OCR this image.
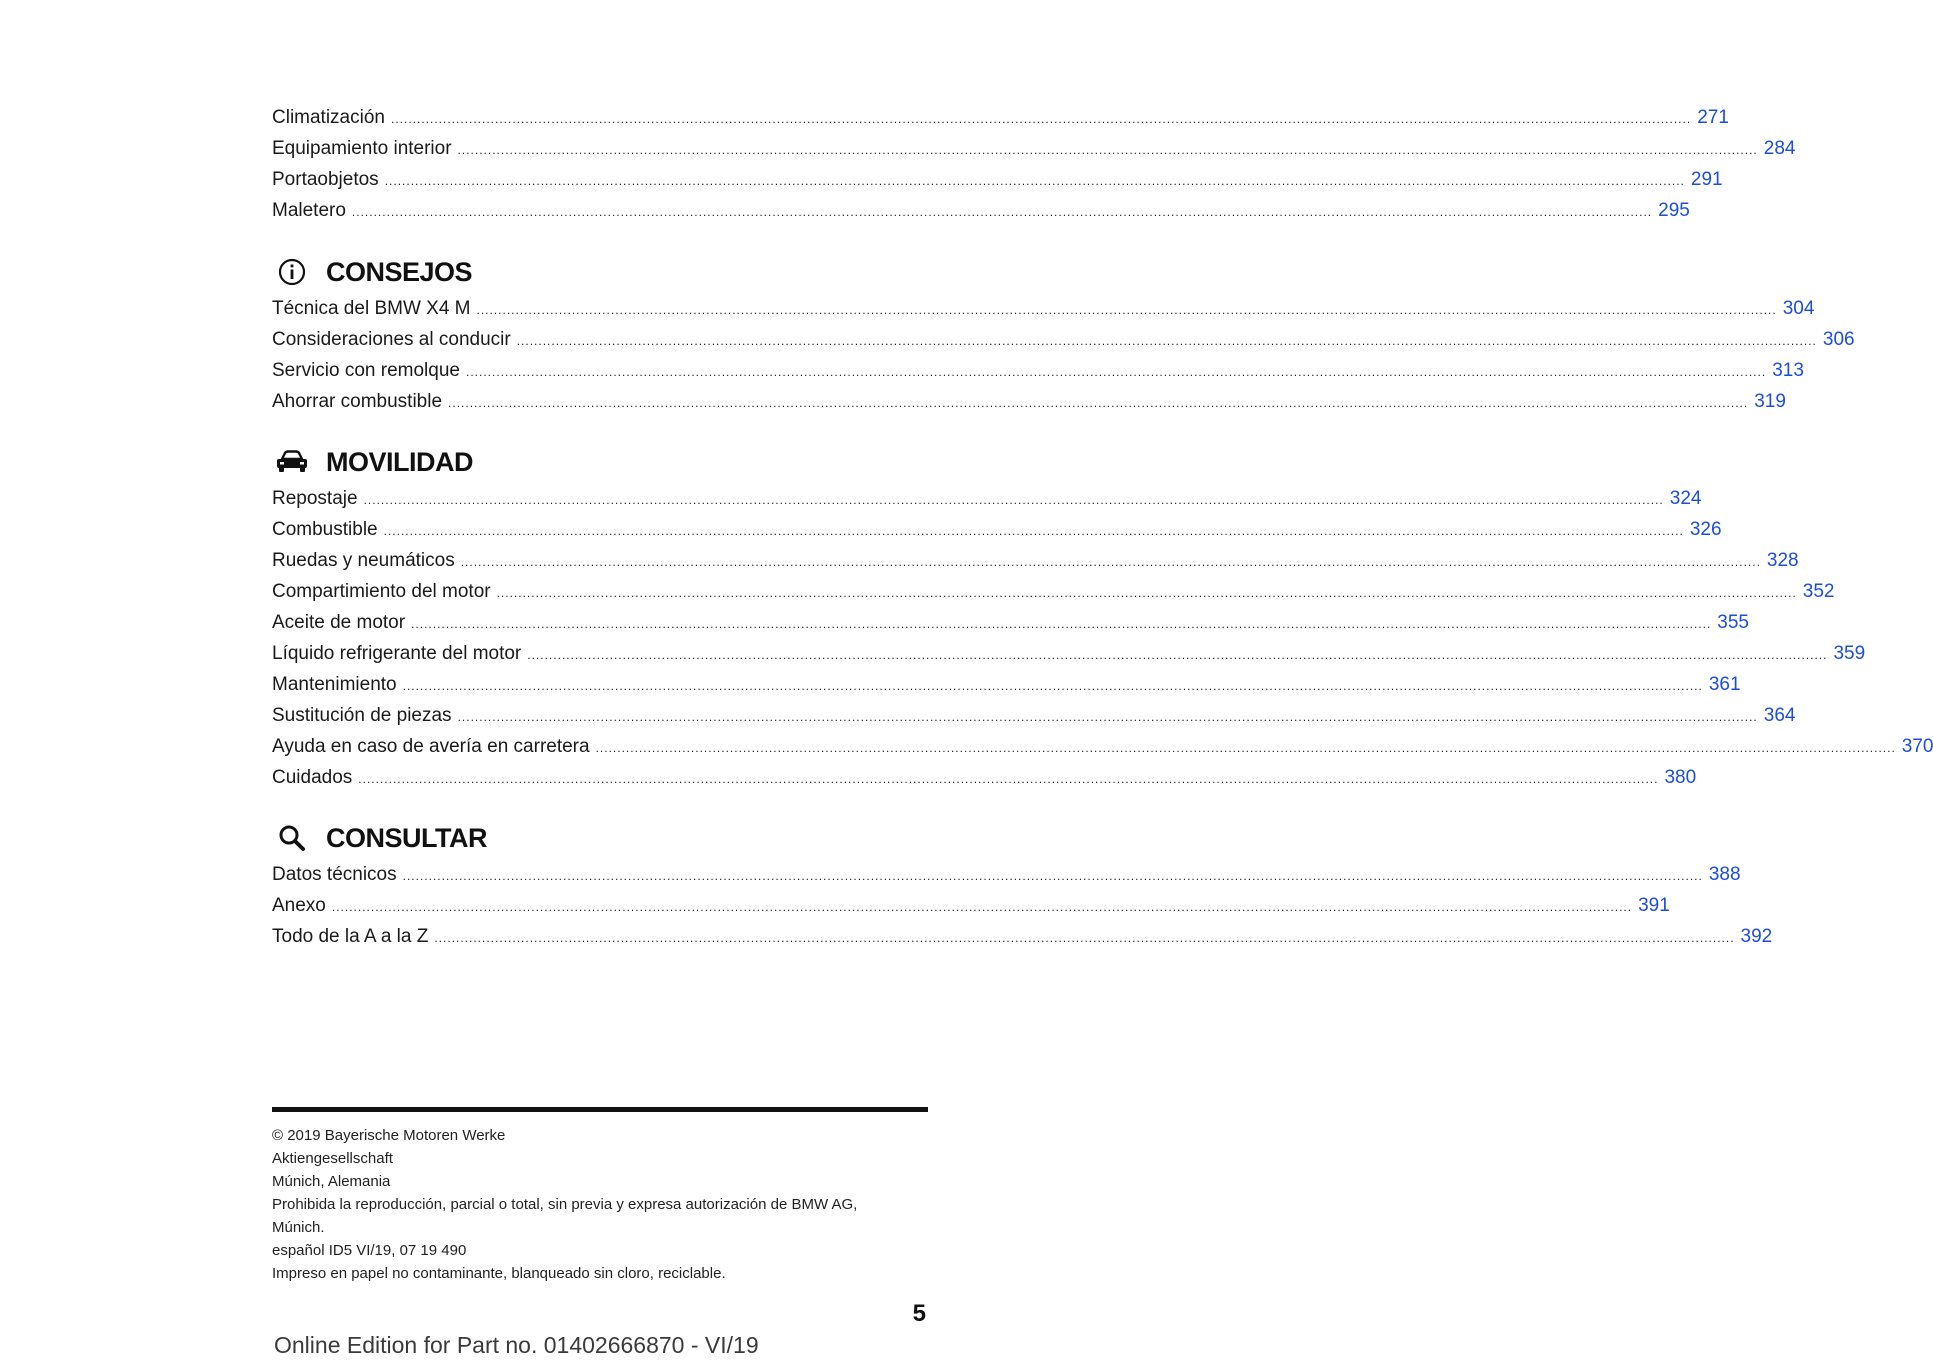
Climatización ............................................................................................................................................................................................................................................................................................................ 271
Equipamiento interior ............................................................................................................................................................................................................................................................................................................ 284
Portaobjetos ............................................................................................................................................................................................................................................................................................................ 291
Maletero ............................................................................................................................................................................................................................................................................................................ 295
CONSEJOS
Técnica del BMW X4 M ............................................................................................................................................................................................................................................................................................................ 304
Consideraciones al conducir ............................................................................................................................................................................................................................................................................................................ 306
Servicio con remolque ............................................................................................................................................................................................................................................................................................................ 313
Ahorrar combustible ............................................................................................................................................................................................................................................................................................................ 319
MOVILIDAD
Repostaje ............................................................................................................................................................................................................................................................................................................ 324
Combustible ............................................................................................................................................................................................................................................................................................................ 326
Ruedas y neumáticos ............................................................................................................................................................................................................................................................................................................ 328
Compartimiento del motor ............................................................................................................................................................................................................................................................................................................ 352
Aceite de motor ............................................................................................................................................................................................................................................................................................................ 355
Líquido refrigerante del motor ............................................................................................................................................................................................................................................................................................................ 359
Mantenimiento ............................................................................................................................................................................................................................................................................................................ 361
Sustitución de piezas ............................................................................................................................................................................................................................................................................................................ 364
Ayuda en caso de avería en carretera ............................................................................................................................................................................................................................................................................................................ 370
Cuidados ............................................................................................................................................................................................................................................................................................................ 380
CONSULTAR
Datos técnicos ............................................................................................................................................................................................................................................................................................................ 388
Anexo ............................................................................................................................................................................................................................................................................................................ 391
Todo de la A a la Z ............................................................................................................................................................................................................................................................................................................ 392
© 2019 Bayerische Motoren Werke
Aktiengesellschaft
Múnich, Alemania
Prohibida la reproducción, parcial o total, sin previa y expresa autorización de BMW AG,
Múnich.
español ID5 VI/19, 07 19 490
Impreso en papel no contaminante, blanqueado sin cloro, reciclable.
5
Online Edition for Part no. 01402666870 - VI/19
